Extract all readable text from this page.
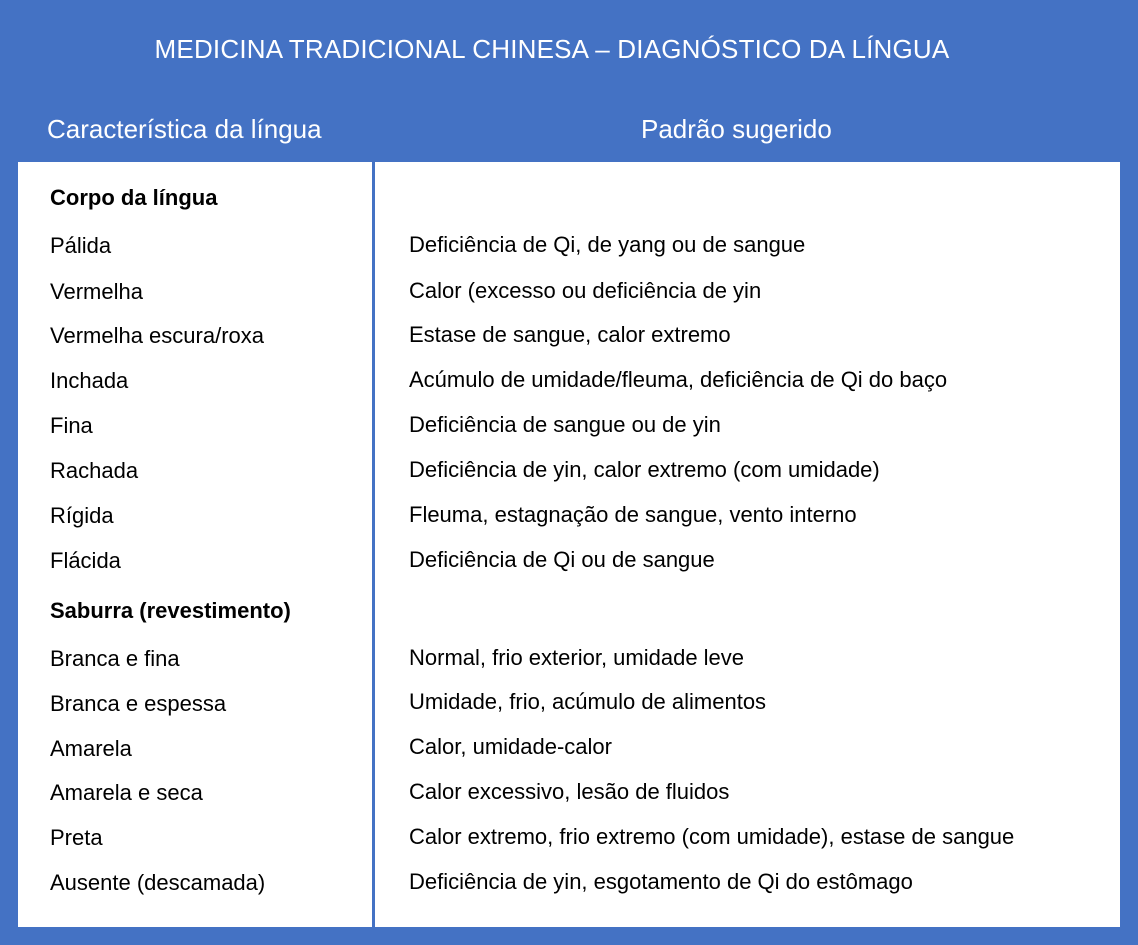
MEDICINA TRADICIONAL CHINESA – DIAGNÓSTICO DA LÍNGUA
Característica da língua	Padrão sugerido
Corpo da língua
Pálida	Deficiência de Qi, de yang ou de sangue
Vermelha	Calor (excesso ou deficiência de yin
Vermelha escura/roxa	Estase de sangue, calor extremo
Inchada	Acúmulo de umidade/fleuma, deficiência de Qi do baço
Fina	Deficiência de sangue ou de yin
Rachada	Deficiência de yin, calor extremo (com umidade)
Rígida	Fleuma, estagnação de sangue, vento interno
Flácida	Deficiência de Qi ou de sangue
Saburra (revestimento)
Branca e fina	Normal, frio exterior, umidade leve
Branca e espessa	Umidade, frio, acúmulo de alimentos
Amarela	Calor, umidade-calor
Amarela e seca	Calor excessivo, lesão de fluidos
Preta	Calor extremo, frio extremo (com umidade), estase de sangue
Ausente (descamada)	Deficiência de yin, esgotamento de Qi do estômago
